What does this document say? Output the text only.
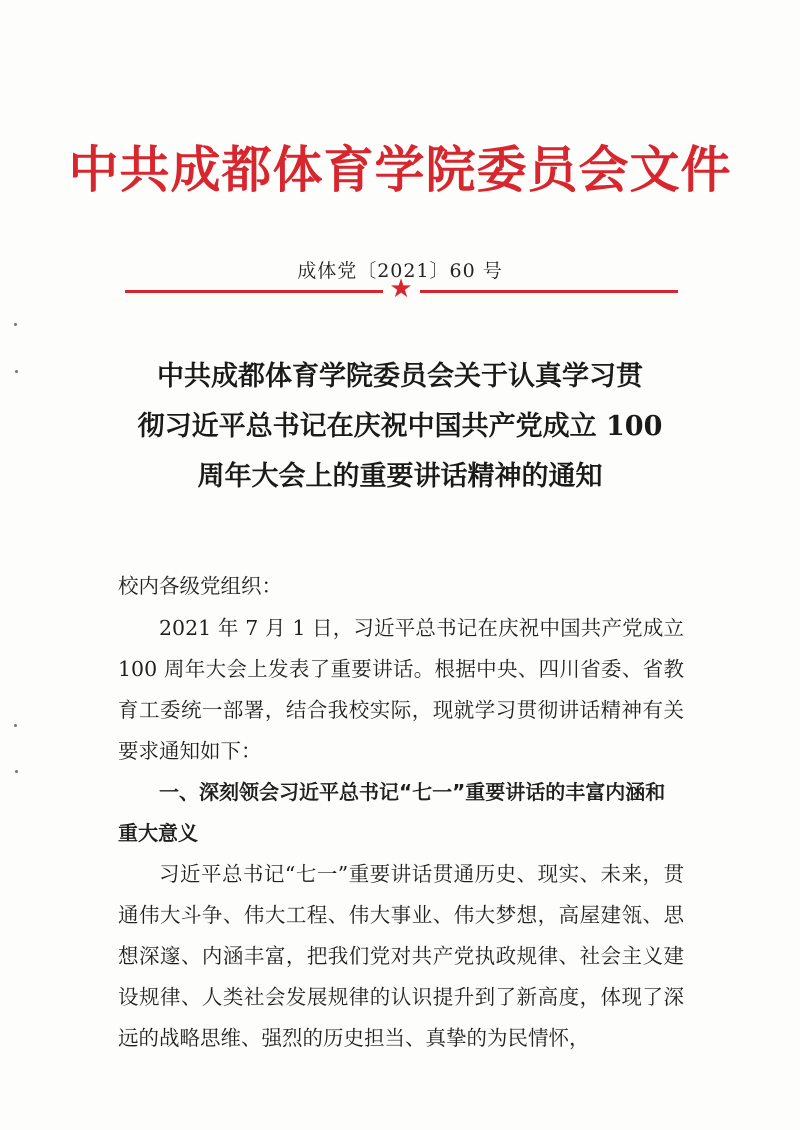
中共成都体育学院委员会文件
成体党〔2021〕60 号
★
中共成都体育学院委员会关于认真学习贯
彻习近平总书记在庆祝中国共产党成立 100
周年大会上的重要讲话精神的通知
校内各级党组织：
2021 年 7 月 1 日，习近平总书记在庆祝中国共产党成立 100 周年大会上发表了重要讲话。根据中央、四川省委、省教育工委统一部署，结合我校实际，现就学习贯彻讲话精神有关要求通知如下：
一、深刻领会习近平总书记“七一”重要讲话的丰富内涵和重大意义
习近平总书记“七一”重要讲话贯通历史、现实、未来，贯通伟大斗争、伟大工程、伟大事业、伟大梦想，高屋建瓴、思想深邃、内涵丰富，把我们党对共产党执政规律、社会主义建设规律、人类社会发展规律的认识提升到了新高度，体现了深远的战略思维、强烈的历史担当、真挚的为民情怀，
